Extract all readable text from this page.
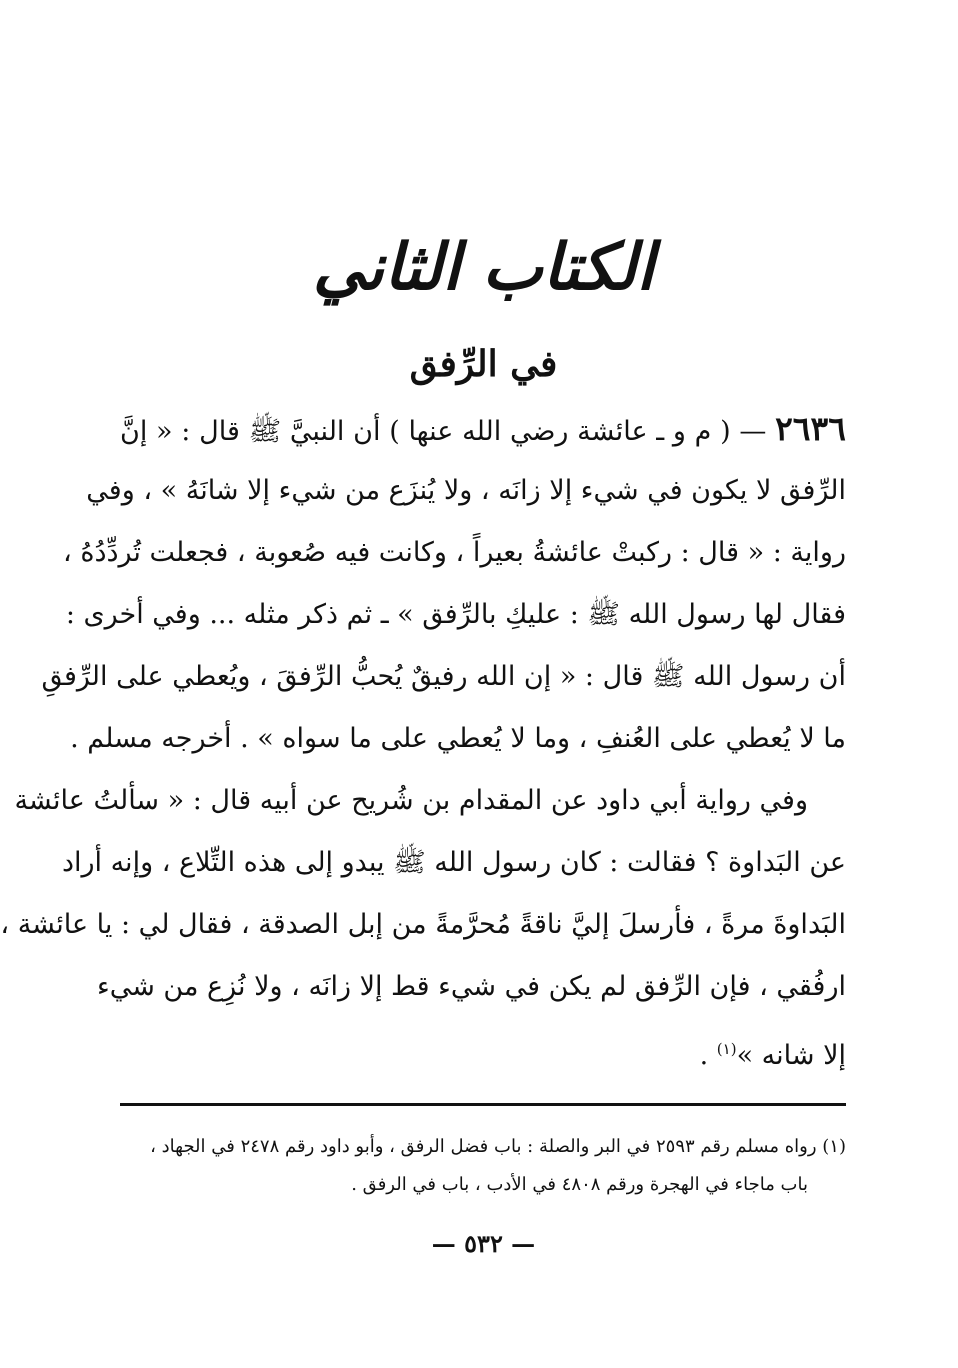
الكتاب الثاني
في الرِّفق
٢٦٣٦ — ( م و ـ عائشة رضي الله عنها ) أن النبيَّ ﷺ قال : « إنَّ
الرِّفق لا يكون في شيء إلا زانَه ، ولا يُنزَع من شيء إلا شانَهُ » ، وفي
رواية : « قال : ركبتْ عائشةُ بعيراً ، وكانت فيه صُعوبة ، فجعلت تُردِّدُهُ ،
فقال لها رسول الله ﷺ : عليكِ بالرِّفق » ـ ثم ذكر مثله ... وفي أخرى :
أن رسول الله ﷺ قال : « إن الله رفيقٌ يُحبُّ الرِّفقَ ، ويُعطي على الرِّفقِ
ما لا يُعطي على العُنفِ ، وما لا يُعطي على ما سواه » . أخرجه مسلم .
وفي رواية أبي داود عن المقدام بن شُريح عن أبيه قال : « سألتُ عائشة
عن البَداوة ؟ فقالت : كان رسول الله ﷺ يبدو إلى هذه التِّلاع ، وإنه أراد
البَداوةَ مرةً ، فأرسلَ إليَّ ناقةً مُحرَّمةً من إبل الصدقة ، فقال لي : يا عائشة ،
ارفُقي ، فإن الرِّفق لم يكن في شيء قط إلا زانَه ، ولا نُزِع من شيء
إلا شانه »$^{(١)}$ .
(١) رواه مسلم رقم ٢٥٩٣ في البر والصلة : باب فضل الرفق ، وأبو داود رقم ٢٤٧٨ في الجهاد ،
باب ماجاء في الهجرة ورقم ٤٨٠٨ في الأدب ، باب في الرفق .
— ٥٣٢ —
